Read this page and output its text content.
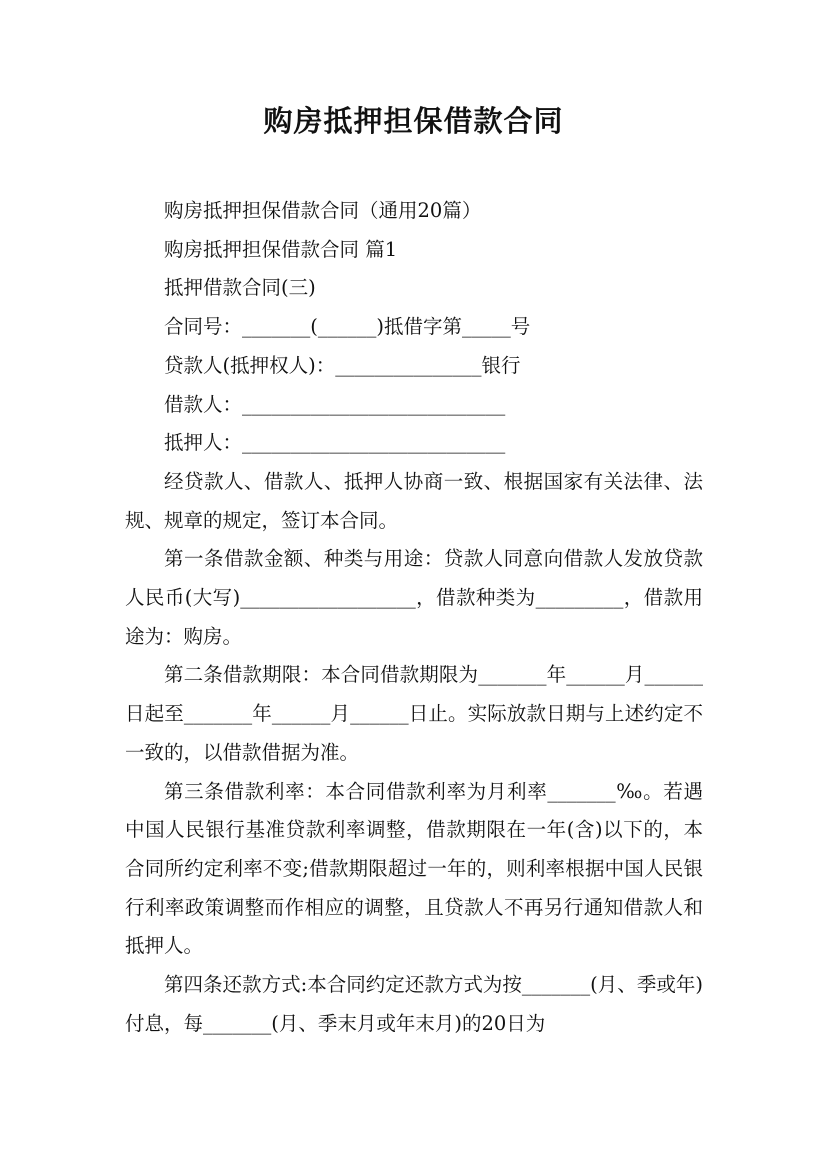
购房抵押担保借款合同

购房抵押担保借款合同（通用20篇）

购房抵押担保借款合同 篇1

抵押借款合同(三)

合同号：_______(______)抵借字第_____号

贷款人(抵押权人)：_______________银行

借款人：___________________________

抵押人：___________________________

经贷款人、借款人、抵押人协商一致、根据国家有关法律、法规、规章的规定，签订本合同。

第一条借款金额、种类与用途：贷款人同意向借款人发放贷款人民币(大写)__________________，借款种类为_________，借款用途为：购房。

第二条借款期限：本合同借款期限为_______年______月______日起至_______年______月______日止。实际放款日期与上述约定不一致的，以借款借据为准。

第三条借款利率：本合同借款利率为月利率_______‰。若遇中国人民银行基准贷款利率调整，借款期限在一年(含)以下的，本合同所约定利率不变;借款期限超过一年的，则利率根据中国人民银行利率政策调整而作相应的调整，且贷款人不再另行通知借款人和抵押人。

第四条还款方式:本合同约定还款方式为按_______(月、季或年)付息，每_______(月、季末月或年末月)的20日为
